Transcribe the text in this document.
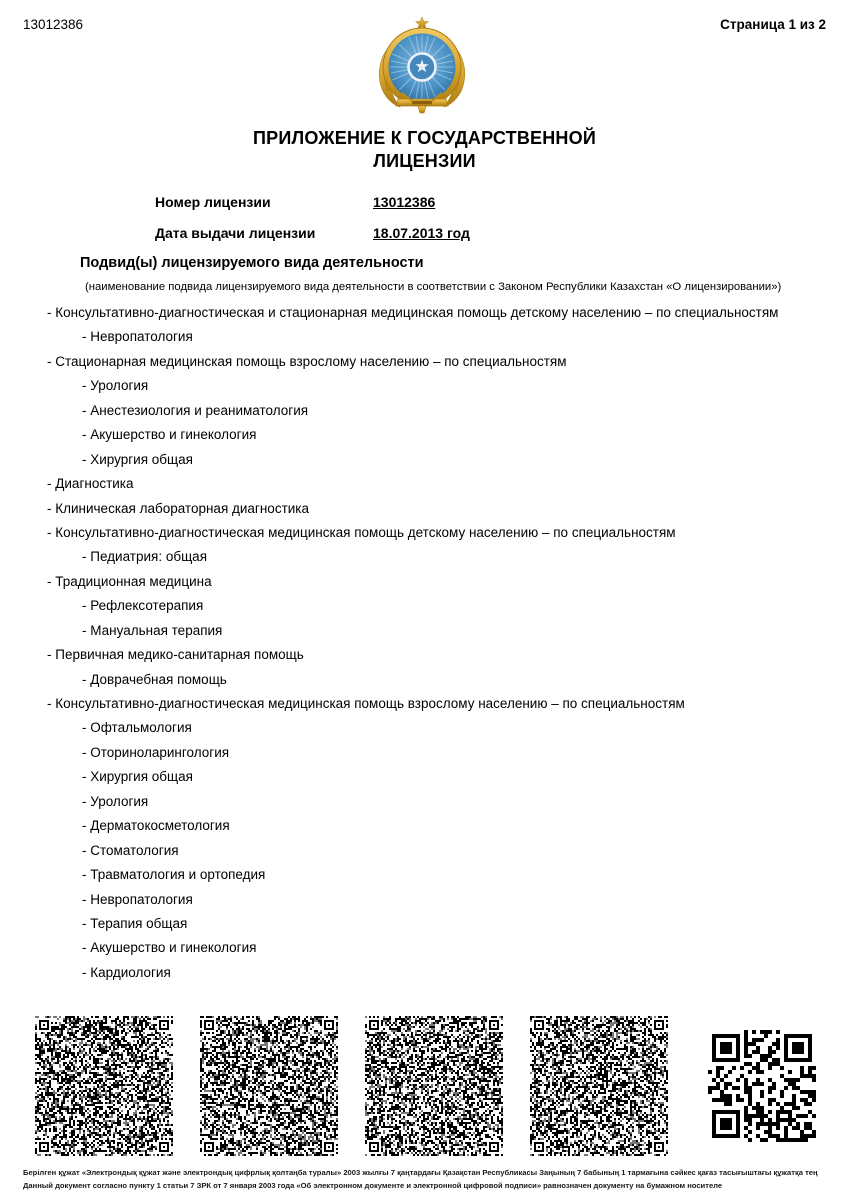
13012386	Страница 1 из 2
ПРИЛОЖЕНИЕ К ГОСУДАРСТВЕННОЙ
ЛИЦЕНЗИИ
Номер лицензии	13012386
Дата выдачи лицензии	18.07.2013 год
Подвид(ы) лицензируемого вида деятельности
(наименование подвида лицензируемого вида деятельности в соответствии с Законом Республики Казахстан «О лицензировании»)
- Консультативно-диагностическая и стационарная медицинская помощь детскому населению – по специальностям
- Невропатология
- Стационарная медицинская помощь взрослому населению – по специальностям
- Урология
- Анестезиология и реаниматология
- Акушерство и гинекология
- Хирургия общая
- Диагностика
- Клиническая лабораторная диагностика
- Консультативно-диагностическая медицинская помощь детскому населению – по специальностям
- Педиатрия: общая
- Традиционная медицина
- Рефлексотерапия
- Мануальная терапия
- Первичная медико-санитарная помощь
- Доврачебная помощь
- Консультативно-диагностическая медицинская помощь взрослому населению – по специальностям
- Офтальмология
- Оториноларингология
- Хирургия общая
- Урология
- Дерматокосметология
- Стоматология
- Травматология и ортопедия
- Невропатология
- Терапия общая
- Акушерство и гинекология
- Кардиология
Берілген құжат «Электрондық құжат және электрондық цифрлық қолтаңба туралы» 2003 жылғы 7 қаңтардағы Қазақстан Республикасы Заңының 7 бабының 1 тармағына сәйкес қағаз тасығыштағы құжатқа тең
Данный документ согласно пункту 1 статьи 7 ЗРК от 7 января 2003 года «Об электронном документе и электронной цифровой подписи» равнозначен документу на бумажном носителе
